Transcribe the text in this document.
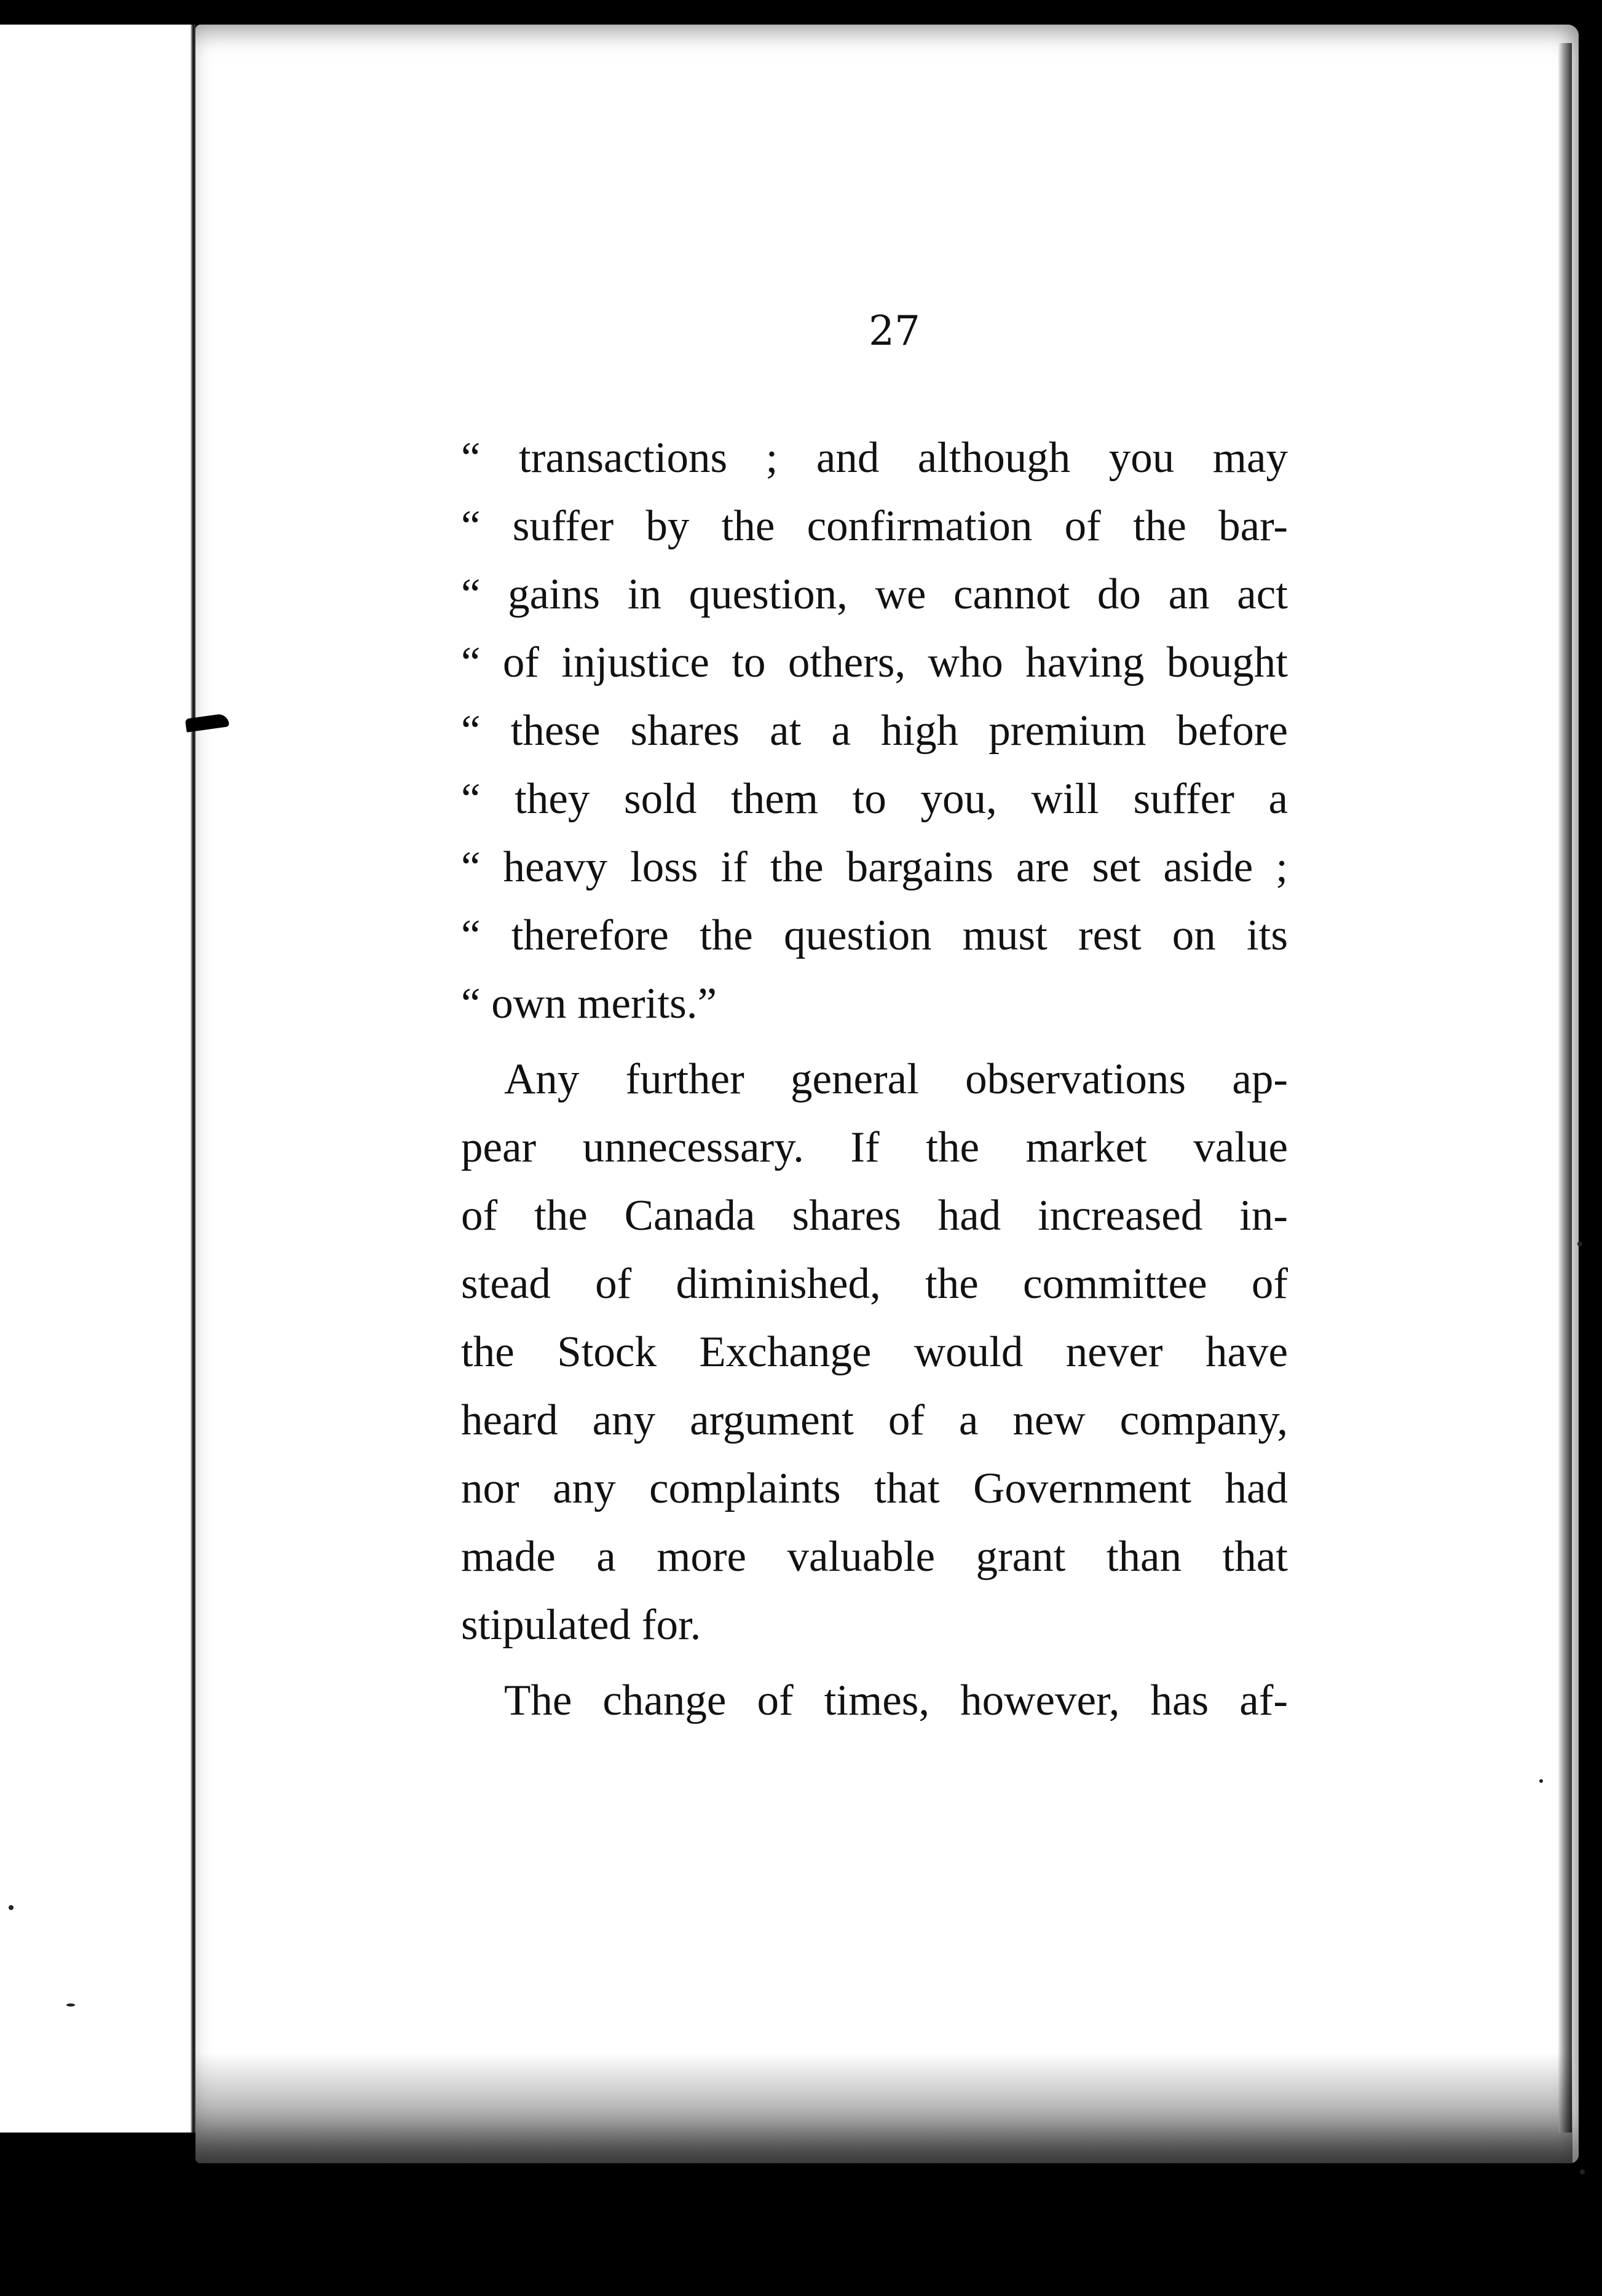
27
“ transactions ; and although you may
“ suffer by the confirmation of the bar-
“ gains in question, we cannot do an act
“ of injustice to others, who having bought
“ these shares at a high premium before
“ they sold them to you, will suffer a
“ heavy loss if the bargains are set aside ;
“ therefore the question must rest on its
“ own merits.”
Any further general observations ap-
pear unnecessary. If the market value
of the Canada shares had increased in-
stead of diminished, the committee of
the Stock Exchange would never have
heard any argument of a new company,
nor any complaints that Government had
made a more valuable grant than that
stipulated for.
The change of times, however, has af-
